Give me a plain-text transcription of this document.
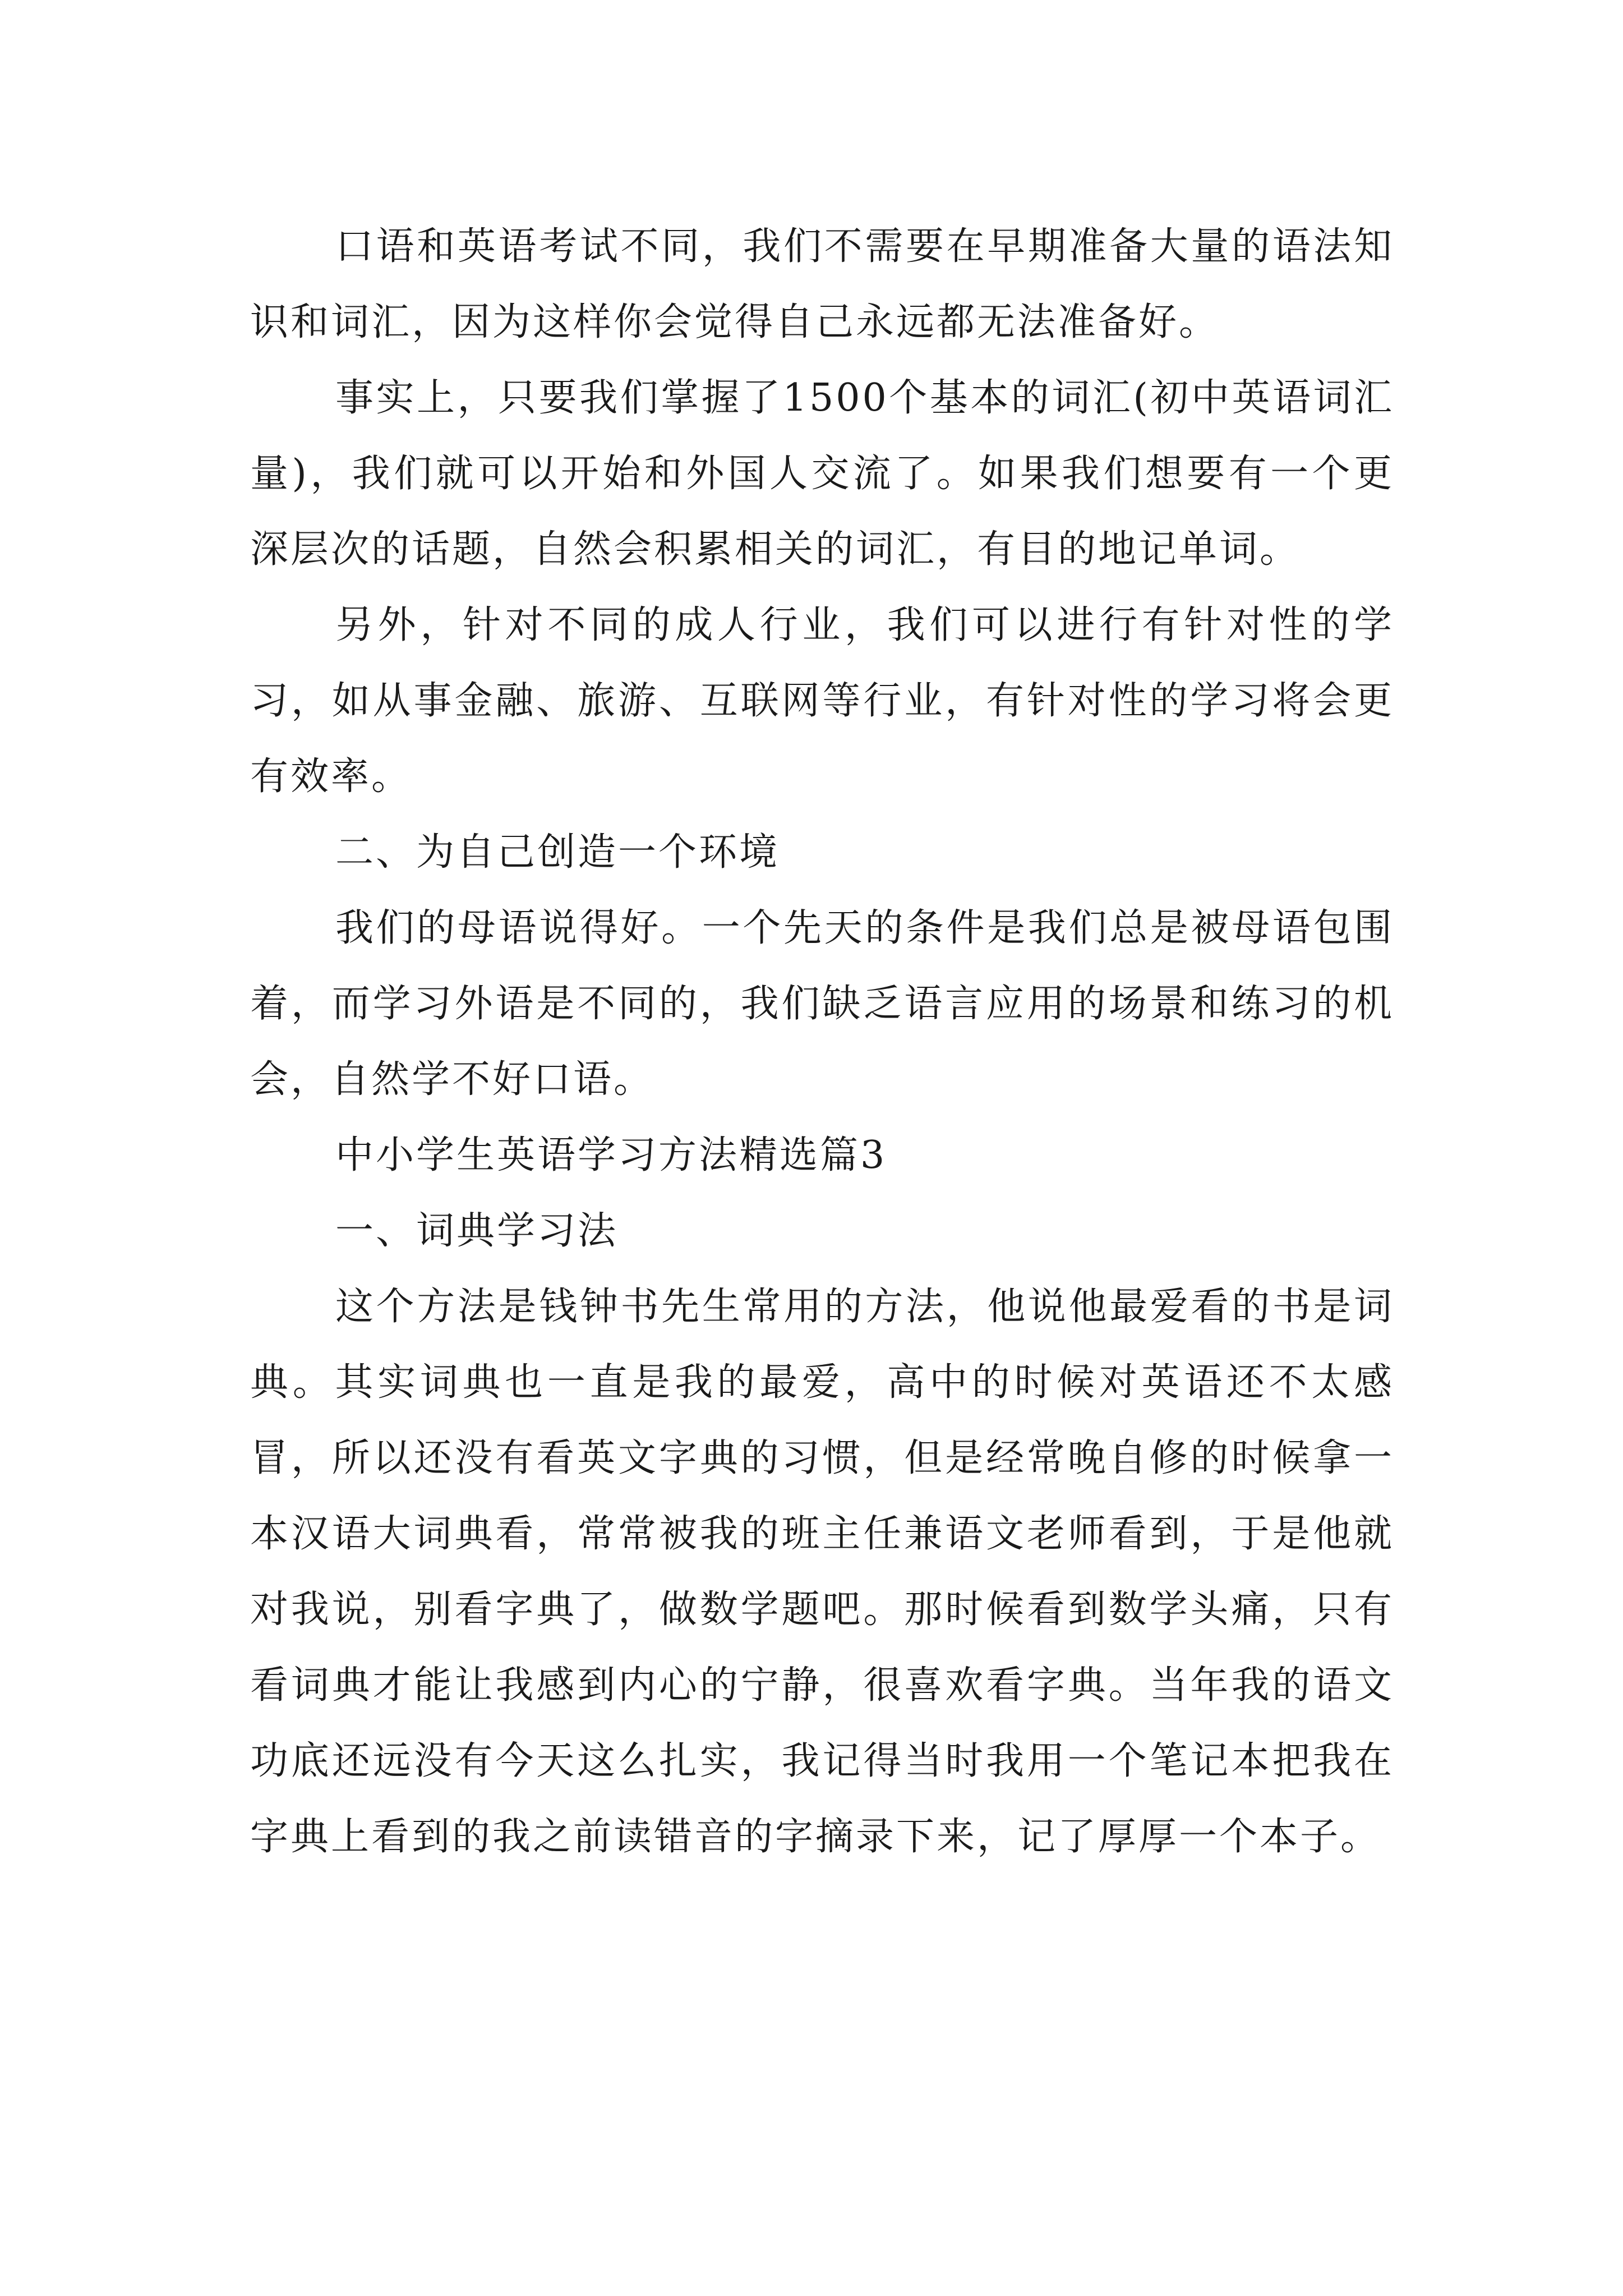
口语和英语考试不同，我们不需要在早期准备大量的语法知识和词汇，因为这样你会觉得自己永远都无法准备好。

事实上，只要我们掌握了1500个基本的词汇(初中英语词汇量)，我们就可以开始和外国人交流了。如果我们想要有一个更深层次的话题，自然会积累相关的词汇，有目的地记单词。

另外，针对不同的成人行业，我们可以进行有针对性的学习，如从事金融、旅游、互联网等行业，有针对性的学习将会更有效率。

二、为自己创造一个环境

我们的母语说得好。一个先天的条件是我们总是被母语包围着，而学习外语是不同的，我们缺乏语言应用的场景和练习的机会，自然学不好口语。

中小学生英语学习方法精选篇3

一、词典学习法

这个方法是钱钟书先生常用的方法，他说他最爱看的书是词典。其实词典也一直是我的最爱，高中的时候对英语还不太感冒，所以还没有看英文字典的习惯，但是经常晚自修的时候拿一本汉语大词典看，常常被我的班主任兼语文老师看到，于是他就对我说，别看字典了，做数学题吧。那时候看到数学头痛，只有看词典才能让我感到内心的宁静，很喜欢看字典。当年我的语文功底还远没有今天这么扎实，我记得当时我用一个笔记本把我在字典上看到的我之前读错音的字摘录下来，记了厚厚一个本子。
